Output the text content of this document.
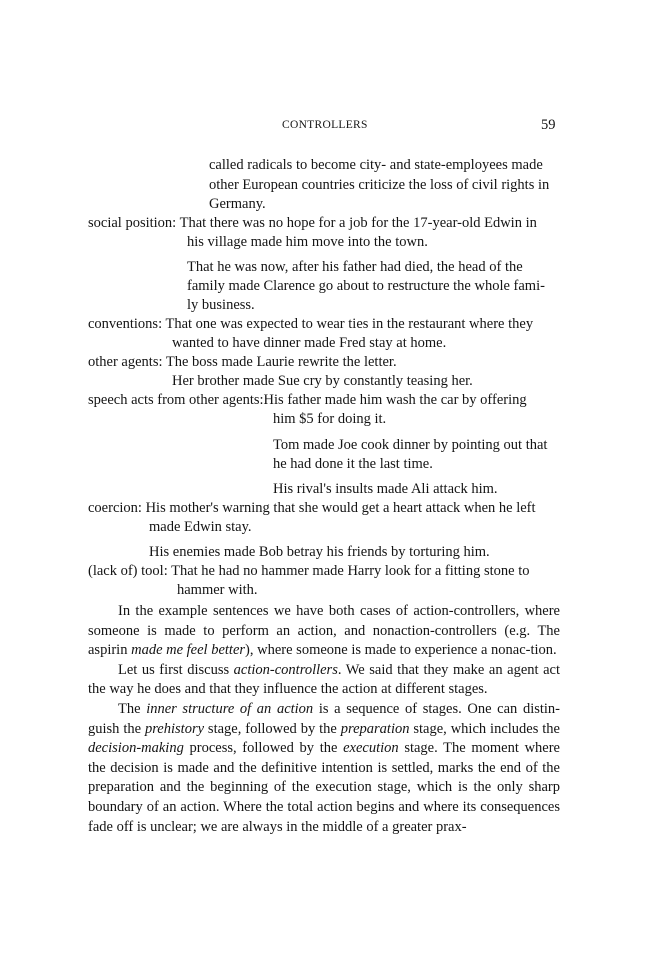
CONTROLLERS	59
called radicals to become city- and state-employees made
other European countries criticize the loss of civil rights in
Germany.
social position: That there was no hope for a job for the 17-year-old Edwin in
his village made him move into the town.
That he was now, after his father had died, the head of the
family made Clarence go about to restructure the whole fami-
ly business.
conventions: That one was expected to wear ties in the restaurant where they
wanted to have dinner made Fred stay at home.
other agents: The boss made Laurie rewrite the letter.
Her brother made Sue cry by constantly teasing her.
speech acts from other agents:His father made him wash the car by offering
him $5 for doing it.
Tom made Joe cook dinner by pointing out that
he had done it the last time.
His rival's insults made Ali attack him.
coercion: His mother's warning that she would get a heart attack when he left
made Edwin stay.
His enemies made Bob betray his friends by torturing him.
(lack of) tool: That he had no hammer made Harry look for a fitting stone to
hammer with.

In the example sentences we have both cases of action-controllers, where someone is made to perform an action, and nonaction-controllers (e.g. The aspirin made me feel better), where someone is made to experience a nonac-tion.

Let us first discuss action-controllers. We said that they make an agent act the way he does and that they influence the action at different stages.

The inner structure of an action is a sequence of stages. One can distin-guish the prehistory stage, followed by the preparation stage, which includes the decision-making process, followed by the execution stage. The moment where the decision is made and the definitive intention is settled, marks the end of the preparation and the beginning of the execution stage, which is the only sharp boundary of an action. Where the total action begins and where its consequences fade off is unclear; we are always in the middle of a greater prax-
